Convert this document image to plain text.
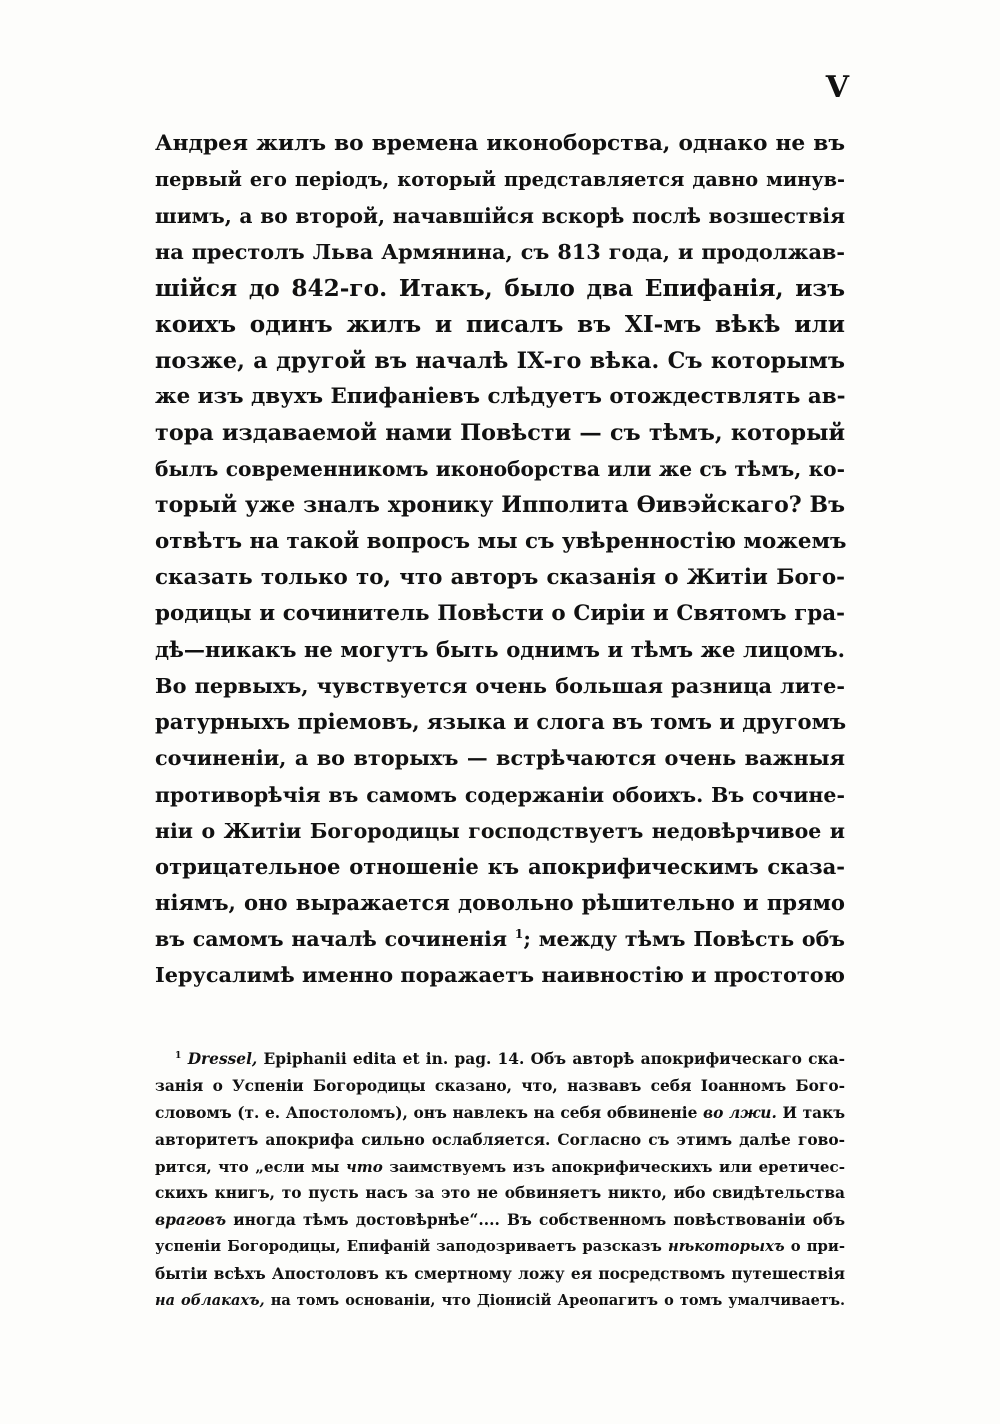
V
Андрея жилъ во времена иконоборства, однако не въ
первый его періодъ, который представляется давно минув-
шимъ, а во второй, начавшійся вскорѣ послѣ возшествія
на престолъ Льва Армянина, съ 813 года, и продолжав-
шійся до 842-го. Итакъ, было два Епифанія, изъ
коихъ одинъ жилъ и писалъ въ XI-мъ вѣкѣ или
позже, а другой въ началѣ IX-го вѣка. Съ которымъ
же изъ двухъ Епифаніевъ слѣдуетъ отождествлять ав-
тора издаваемой нами Повѣсти — съ тѣмъ, который
былъ современникомъ иконоборства или же съ тѣмъ, ко-
торый уже зналъ хронику Ипполита Ѳивэйскаго? Въ
отвѣтъ на такой вопросъ мы съ увѣренностію можемъ
сказать только то, что авторъ сказанія о Житіи Бого-
родицы и сочинитель Повѣсти о Сиріи и Святомъ гра-
дѣ—никакъ не могутъ быть однимъ и тѣмъ же лицомъ.
Во первыхъ, чувствуется очень большая разница лите-
ратурныхъ пріемовъ, языка и слога въ томъ и другомъ
сочиненіи, а во вторыхъ — встрѣчаются очень важныя
противорѣчія въ самомъ содержаніи обоихъ. Въ сочине-
ніи о Житіи Богородицы господствуетъ недовѣрчивое и
отрицательное отношеніе къ апокрифическимъ сказа-
ніямъ, оно выражается довольно рѣшительно и прямо
въ самомъ началѣ сочиненія $^1$; между тѣмъ Повѣсть объ
Іерусалимѣ именно поражаетъ наивностію и простотою
$^1$ Dressel, Epiphanii edita et in. pag. 14. Объ авторѣ апокрифическаго ска-
занія о Успеніи Богородицы сказано, что, назвавъ себя Іоанномъ Бого-
словомъ (т. е. Апостоломъ), онъ навлекъ на себя обвиненіе во лжи. И такъ
авторитетъ апокрифа сильно ослабляется. Согласно съ этимъ далѣе гово-
рится, что „если мы что заимствуемъ изъ апокрифическихъ или еретичес-
скихъ книгъ, то пусть насъ за это не обвиняетъ никто, ибо свидѣтельства
враговъ иногда тѣмъ достовѣрнѣе“.... Въ собственномъ повѣствованіи объ
успеніи Богородицы, Епифаній заподозриваетъ разсказъ нѣкоторыхъ о при-
бытіи всѣхъ Апостоловъ къ смертному ложу ея посредствомъ путешествія
на облакахъ, на томъ основаніи, что Діонисій Ареопагитъ о томъ умалчиваетъ.
